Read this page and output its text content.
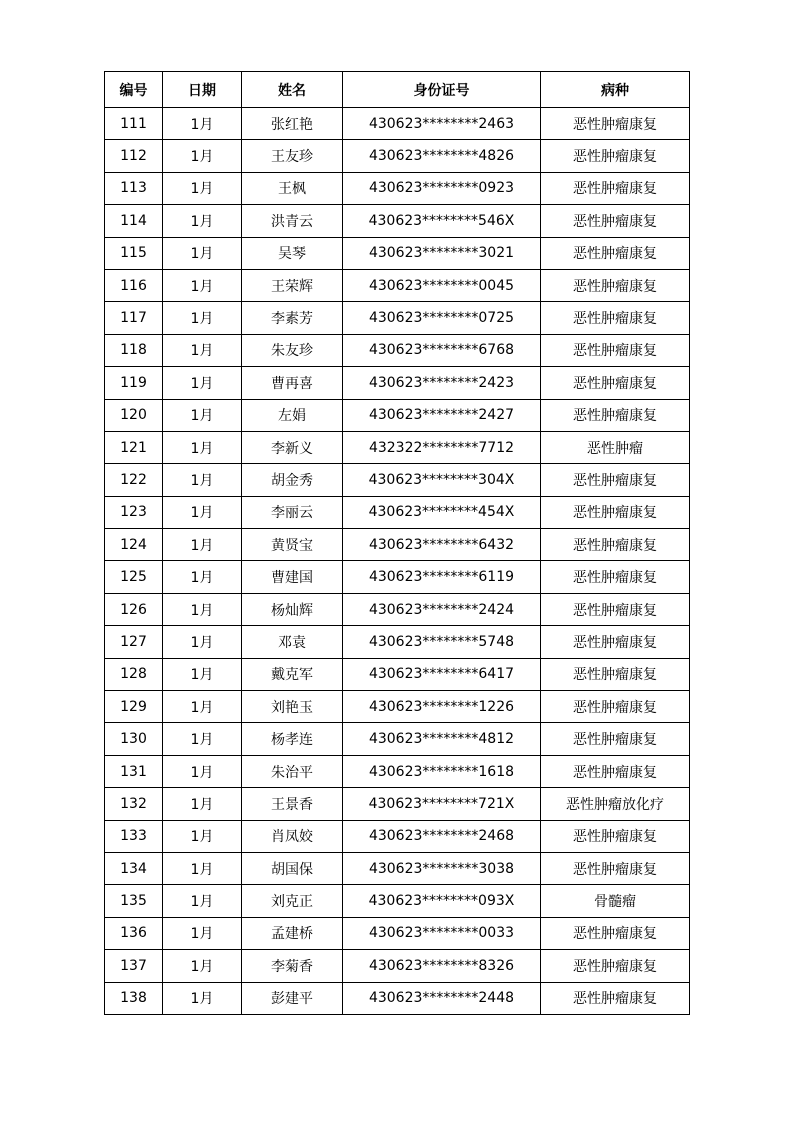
编号	日期	姓名	身份证号	病种
111	1月	张红艳	430623********2463	恶性肿瘤康复
112	1月	王友珍	430623********4826	恶性肿瘤康复
113	1月	王枫	430623********0923	恶性肿瘤康复
114	1月	洪青云	430623********546X	恶性肿瘤康复
115	1月	吴琴	430623********3021	恶性肿瘤康复
116	1月	王荣辉	430623********0045	恶性肿瘤康复
117	1月	李素芳	430623********0725	恶性肿瘤康复
118	1月	朱友珍	430623********6768	恶性肿瘤康复
119	1月	曹再喜	430623********2423	恶性肿瘤康复
120	1月	左娟	430623********2427	恶性肿瘤康复
121	1月	李新义	432322********7712	恶性肿瘤
122	1月	胡金秀	430623********304X	恶性肿瘤康复
123	1月	李丽云	430623********454X	恶性肿瘤康复
124	1月	黄贤宝	430623********6432	恶性肿瘤康复
125	1月	曹建国	430623********6119	恶性肿瘤康复
126	1月	杨灿辉	430623********2424	恶性肿瘤康复
127	1月	邓袁	430623********5748	恶性肿瘤康复
128	1月	戴克军	430623********6417	恶性肿瘤康复
129	1月	刘艳玉	430623********1226	恶性肿瘤康复
130	1月	杨孝连	430623********4812	恶性肿瘤康复
131	1月	朱治平	430623********1618	恶性肿瘤康复
132	1月	王景香	430623********721X	恶性肿瘤放化疗
133	1月	肖凤姣	430623********2468	恶性肿瘤康复
134	1月	胡国保	430623********3038	恶性肿瘤康复
135	1月	刘克正	430623********093X	骨髓瘤
136	1月	孟建桥	430623********0033	恶性肿瘤康复
137	1月	李菊香	430623********8326	恶性肿瘤康复
138	1月	彭建平	430623********2448	恶性肿瘤康复
